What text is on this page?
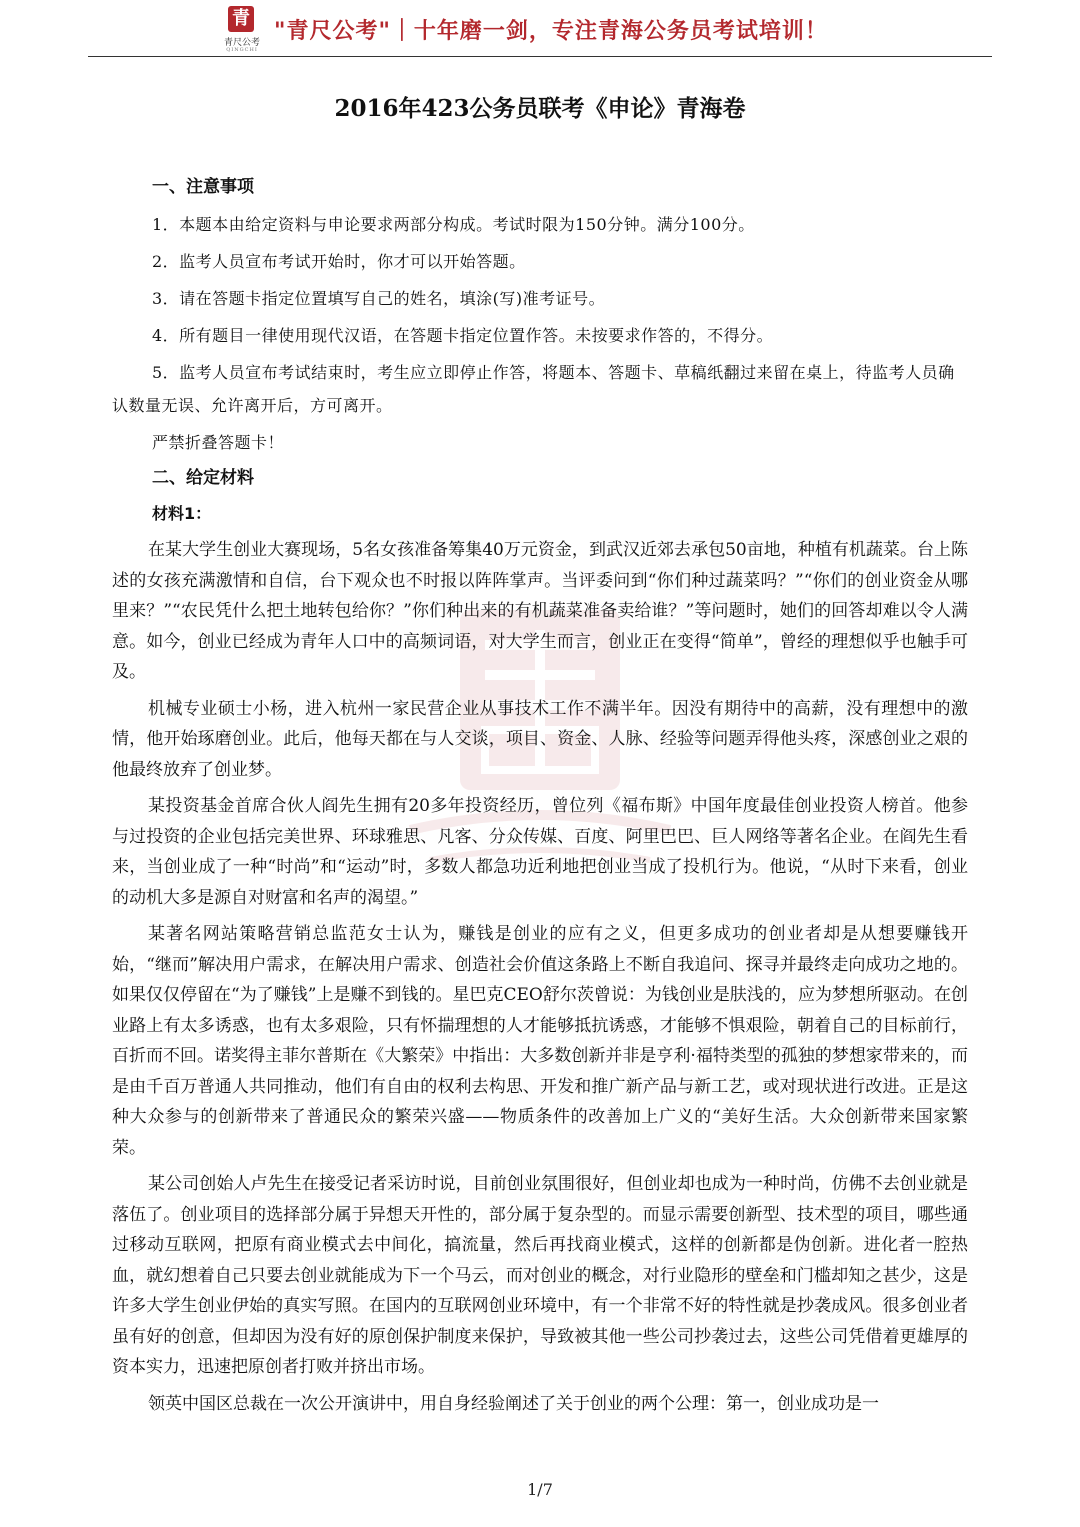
青
青尺公考
QINGCHI
"青尺公考"｜十年磨一剑，专注青海公务员考试培训！
2016年423公务员联考《申论》青海卷
一、注意事项
1．本题本由给定资料与申论要求两部分构成。考试时限为150分钟。满分100分。
2．监考人员宣布考试开始时，你才可以开始答题。
3．请在答题卡指定位置填写自己的姓名，填涂(写)准考证号。
4．所有题目一律使用现代汉语，在答题卡指定位置作答。未按要求作答的，不得分。
5．监考人员宣布考试结束时，考生应立即停止作答，将题本、答题卡、草稿纸翻过来留在桌上，待监考人员确认数量无误、允许离开后，方可离开。
严禁折叠答题卡！
二、给定材料
材料1：

在某大学生创业大赛现场，5名女孩准备筹集40万元资金，到武汉近郊去承包50亩地，种植有机蔬菜。台上陈述的女孩充满激情和自信，台下观众也不时报以阵阵掌声。当评委问到“你们种过蔬菜吗？”“你们的创业资金从哪里来？”“农民凭什么把土地转包给你？”你们种出来的有机蔬菜准备卖给谁？”等问题时，她们的回答却难以令人满意。如今，创业已经成为青年人口中的高频词语，对大学生而言，创业正在变得“简单”，曾经的理想似乎也触手可及。

机械专业硕士小杨，进入杭州一家民营企业从事技术工作不满半年。因没有期待中的高薪，没有理想中的激情，他开始琢磨创业。此后，他每天都在与人交谈，项目、资金、人脉、经验等问题弄得他头疼，深感创业之艰的他最终放弃了创业梦。

某投资基金首席合伙人阎先生拥有20多年投资经历，曾位列《福布斯》中国年度最佳创业投资人榜首。他参与过投资的企业包括完美世界、环球雅思、凡客、分众传媒、百度、阿里巴巴、巨人网络等著名企业。在阎先生看来，当创业成了一种“时尚”和“运动”时，多数人都急功近利地把创业当成了投机行为。他说，“从时下来看，创业的动机大多是源自对财富和名声的渴望。”

某著名网站策略营销总监范女士认为，赚钱是创业的应有之义，但更多成功的创业者却是从想要赚钱开始，“继而”解决用户需求，在解决用户需求、创造社会价值这条路上不断自我追问、探寻并最终走向成功之地的。如果仅仅停留在“为了赚钱”上是赚不到钱的。星巴克CEO舒尔茨曾说：为钱创业是肤浅的，应为梦想所驱动。在创业路上有太多诱惑，也有太多艰险，只有怀揣理想的人才能够抵抗诱惑，才能够不惧艰险，朝着自己的目标前行，百折而不回。诺奖得主菲尔普斯在《大繁荣》中指出：大多数创新并非是亨利·福特类型的孤独的梦想家带来的，而是由千百万普通人共同推动，他们有自由的权利去构思、开发和推广新产品与新工艺，或对现状进行改进。正是这种大众参与的创新带来了普通民众的繁荣兴盛——物质条件的改善加上广义的“美好生活。大众创新带来国家繁荣。

某公司创始人卢先生在接受记者采访时说，目前创业氛围很好，但创业却也成为一种时尚，仿佛不去创业就是落伍了。创业项目的选择部分属于异想天开性的，部分属于复杂型的。而显示需要创新型、技术型的项目，哪些通过移动互联网，把原有商业模式去中间化，搞流量，然后再找商业模式，这样的创新都是伪创新。进化者一腔热血，就幻想着自己只要去创业就能成为下一个马云，而对创业的概念，对行业隐形的壁垒和门槛却知之甚少，这是许多大学生创业伊始的真实写照。在国内的互联网创业环境中，有一个非常不好的特性就是抄袭成风。很多创业者虽有好的创意，但却因为没有好的原创保护制度来保护，导致被其他一些公司抄袭过去，这些公司凭借着更雄厚的资本实力，迅速把原创者打败并挤出市场。

领英中国区总裁在一次公开演讲中，用自身经验阐述了关于创业的两个公理：第一，创业成功是一

1/7
